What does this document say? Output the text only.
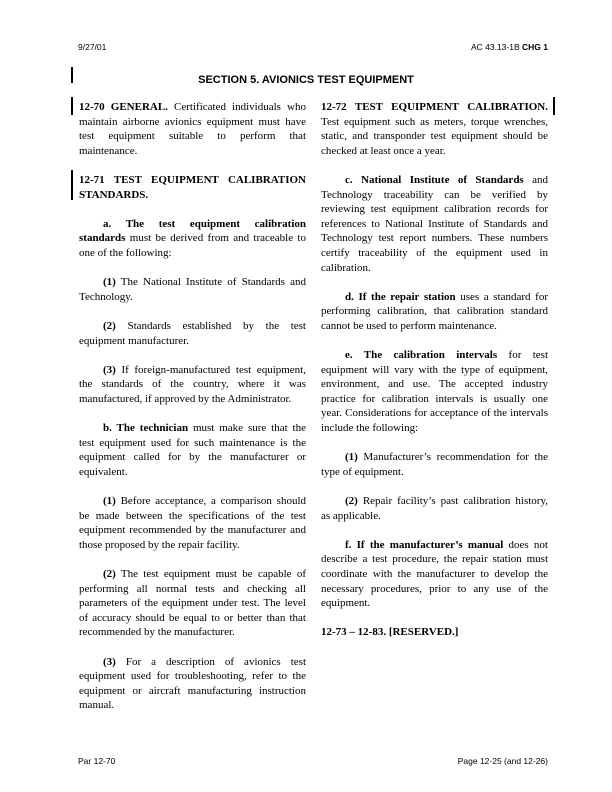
9/27/01	AC 43.13-1B CHG 1
SECTION 5. AVIONICS TEST EQUIPMENT

12-70 GENERAL. Certificated individuals who maintain airborne avionics equipment must have test equipment suitable to perform that maintenance.

12-71 TEST EQUIPMENT CALIBRATION STANDARDS.

a. The test equipment calibration standards must be derived from and traceable to one of the following:

(1) The National Institute of Standards and Technology.

(2) Standards established by the test equipment manufacturer.

(3) If foreign-manufactured test equipment, the standards of the country, where it was manufactured, if approved by the Administrator.

b. The technician must make sure that the test equipment used for such maintenance is the equipment called for by the manufacturer or equivalent.

(1) Before acceptance, a comparison should be made between the specifications of the test equipment recommended by the manufacturer and those proposed by the repair facility.

(2) The test equipment must be capable of performing all normal tests and checking all parameters of the equipment under test. The level of accuracy should be equal to or better than that recommended by the manufacturer.

(3) For a description of avionics test equipment used for troubleshooting, refer to the equipment or aircraft manufacturing instruction manual.

12-72 TEST EQUIPMENT CALIBRATION. Test equipment such as meters, torque wrenches, static, and transponder test equipment should be checked at least once a year.

c. National Institute of Standards and Technology traceability can be verified by reviewing test equipment calibration records for references to National Institute of Standards and Technology test report numbers. These numbers certify traceability of the equipment used in calibration.

d. If the repair station uses a standard for performing calibration, that calibration standard cannot be used to perform maintenance.

e. The calibration intervals for test equipment will vary with the type of equipment, environment, and use. The accepted industry practice for calibration intervals is usually one year. Considerations for acceptance of the intervals include the following:

(1) Manufacturer’s recommendation for the type of equipment.

(2) Repair facility’s past calibration history, as applicable.

f. If the manufacturer’s manual does not describe a test procedure, the repair station must coordinate with the manufacturer to develop the necessary procedures, prior to any use of the equipment.

12-73 – 12-83. [RESERVED.]

Par 12-70	Page 12-25 (and 12-26)
